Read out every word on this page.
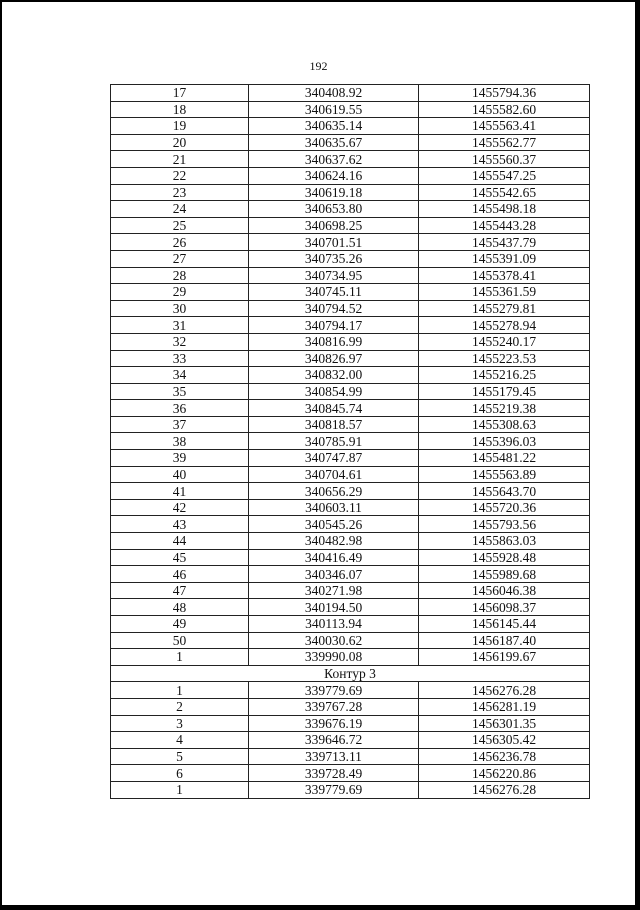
192
17	340408.92	1455794.36
18	340619.55	1455582.60
19	340635.14	1455563.41
20	340635.67	1455562.77
21	340637.62	1455560.37
22	340624.16	1455547.25
23	340619.18	1455542.65
24	340653.80	1455498.18
25	340698.25	1455443.28
26	340701.51	1455437.79
27	340735.26	1455391.09
28	340734.95	1455378.41
29	340745.11	1455361.59
30	340794.52	1455279.81
31	340794.17	1455278.94
32	340816.99	1455240.17
33	340826.97	1455223.53
34	340832.00	1455216.25
35	340854.99	1455179.45
36	340845.74	1455219.38
37	340818.57	1455308.63
38	340785.91	1455396.03
39	340747.87	1455481.22
40	340704.61	1455563.89
41	340656.29	1455643.70
42	340603.11	1455720.36
43	340545.26	1455793.56
44	340482.98	1455863.03
45	340416.49	1455928.48
46	340346.07	1455989.68
47	340271.98	1456046.38
48	340194.50	1456098.37
49	340113.94	1456145.44
50	340030.62	1456187.40
1	339990.08	1456199.67
Контур 3		
1	339779.69	1456276.28
2	339767.28	1456281.19
3	339676.19	1456301.35
4	339646.72	1456305.42
5	339713.11	1456236.78
6	339728.49	1456220.86
1	339779.69	1456276.28
